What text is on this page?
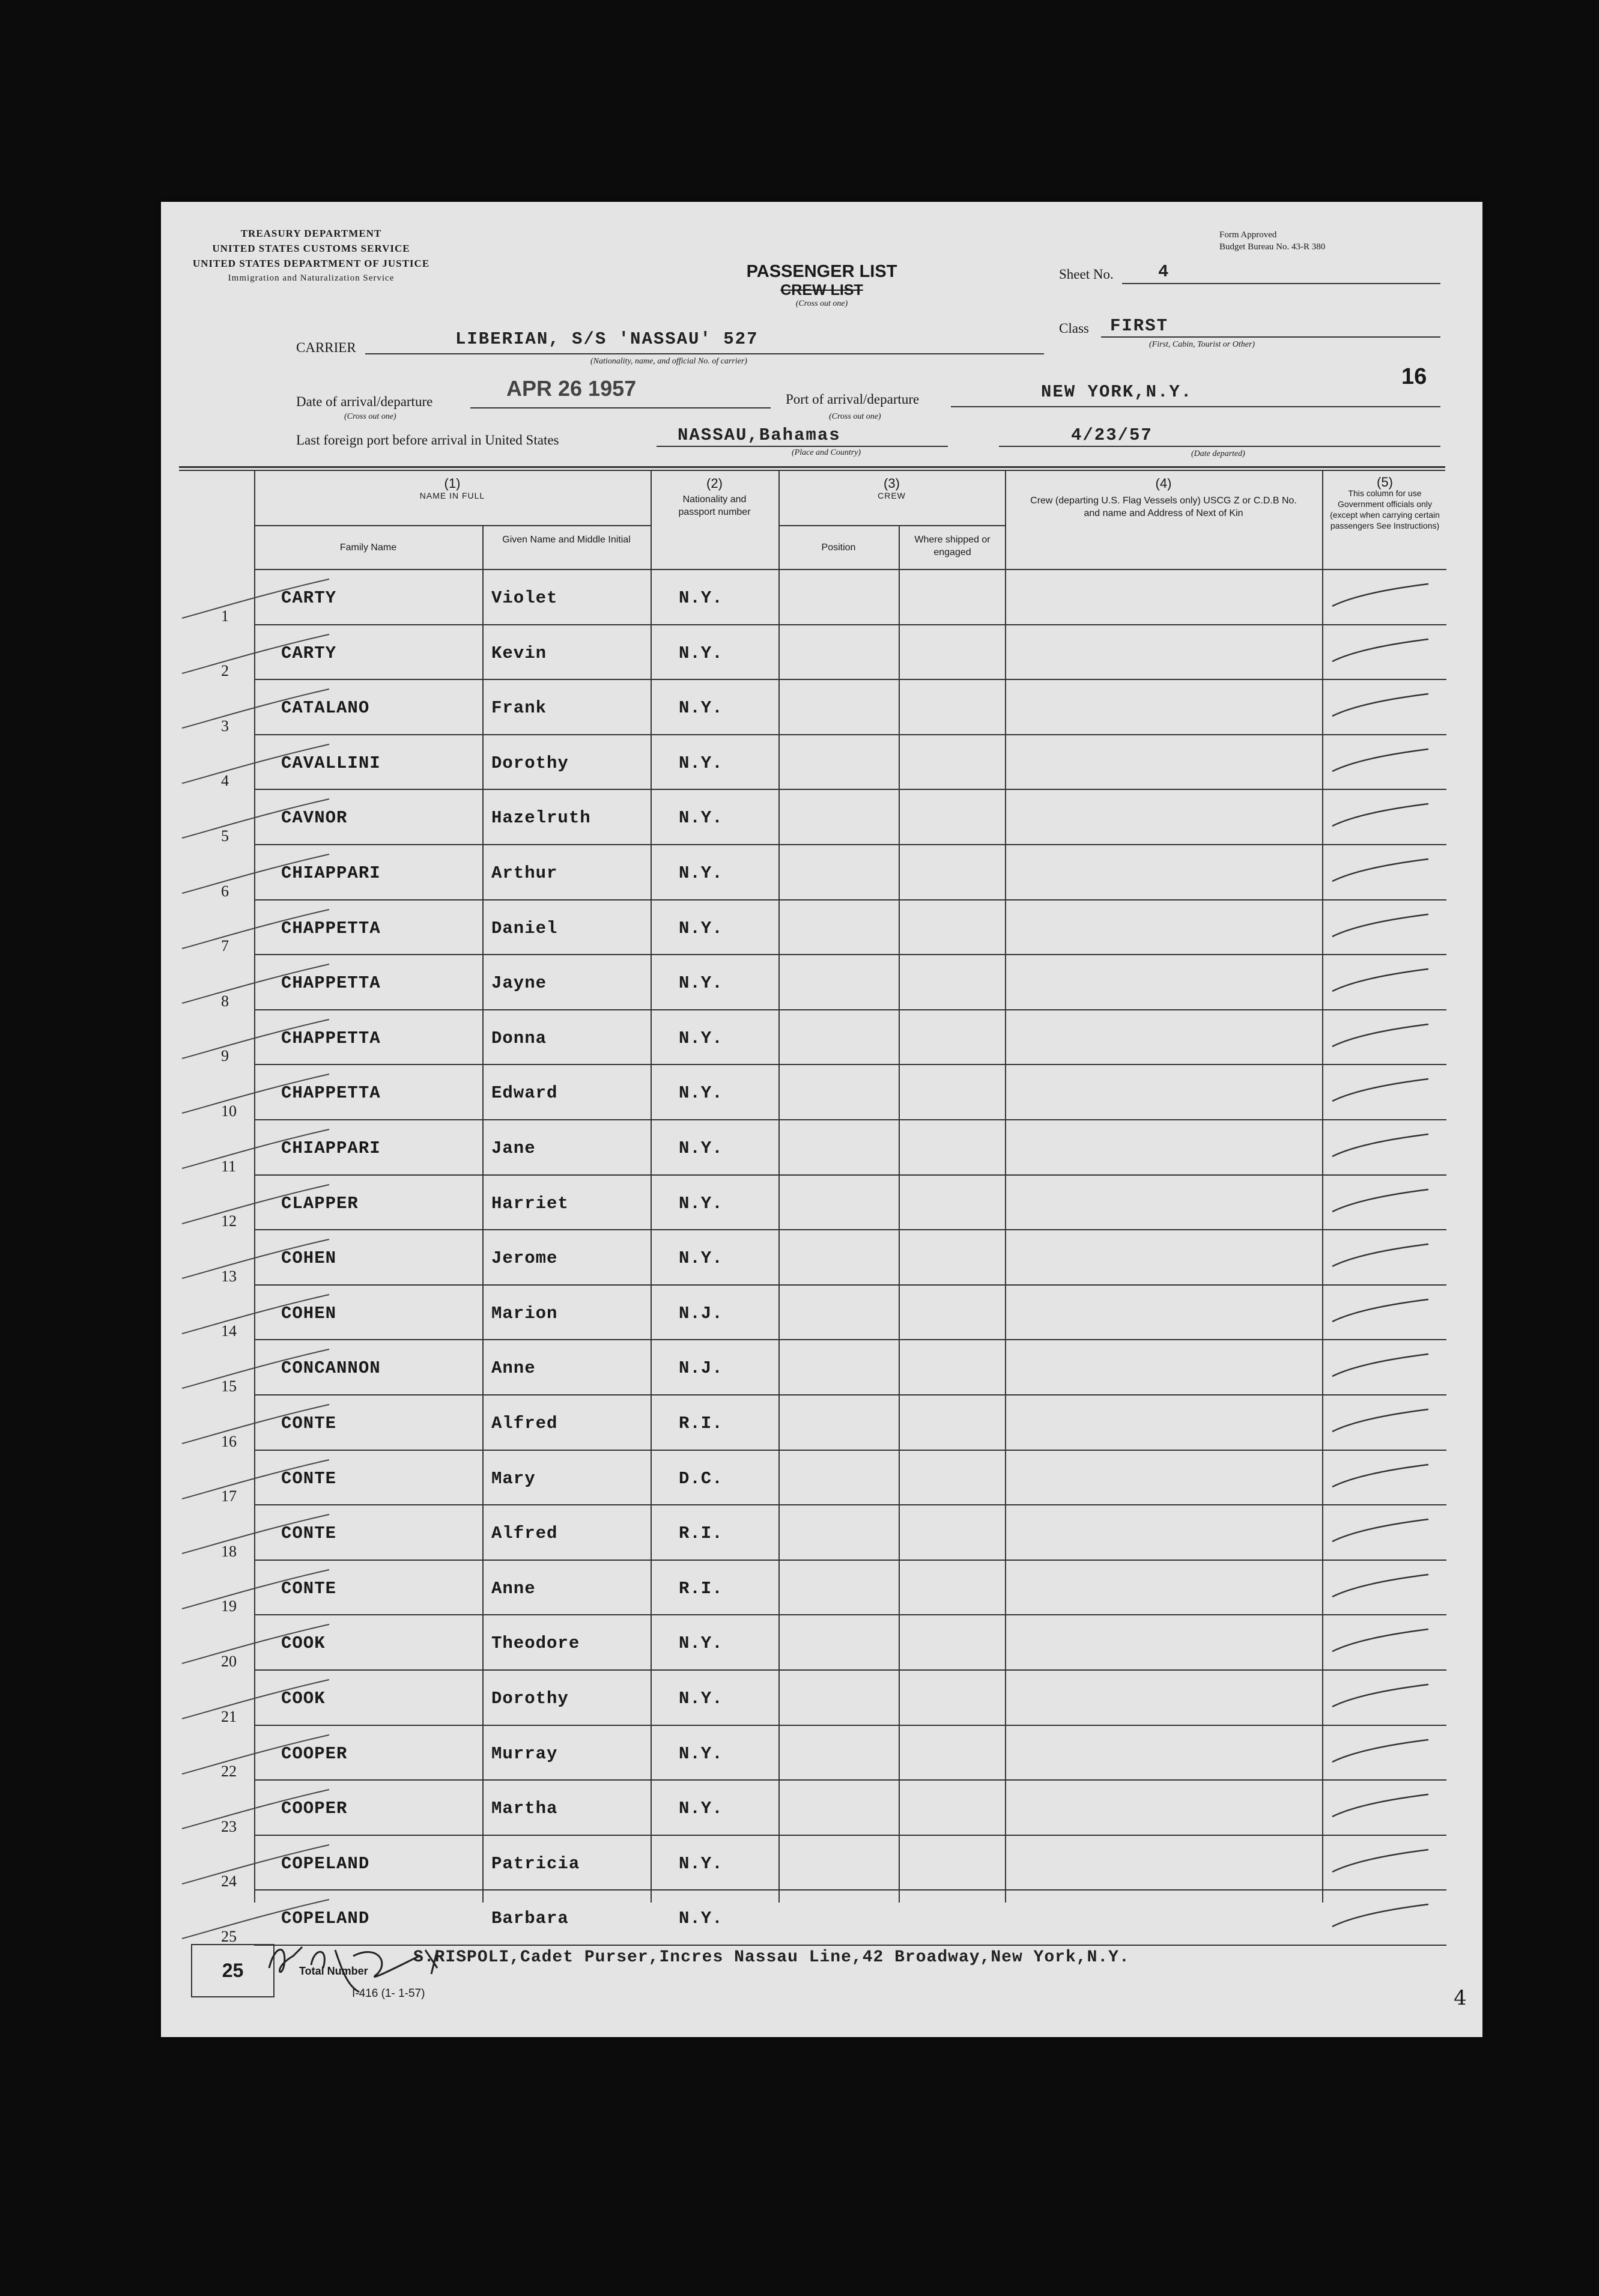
TREASURY DEPARTMENT
UNITED STATES CUSTOMS SERVICE
UNITED STATES DEPARTMENT OF JUSTICE
Immigration and Naturalization Service
Form Approved
Budget Bureau No. 43-R 380
PASSENGER LIST
CREW LIST
(Cross out one)
Sheet No.	4
Class FIRST
(First, Cabin, Tourist or Other)
CARRIER	LIBERIAN, S/S 'NASSAU' 527
(Nationality, name, and official No. of carrier)
Date of arrival/departure
(Cross out one)
APR 26 1957	Port of arrival/departure
(Cross out one)
NEW YORK,N.Y.
16
Last foreign port before arrival in United States	NASSAU,Bahamas
(Place and Country)
4/23/57
(Date departed)
(1)
NAME IN FULL
Family Name
Given Name and Middle Initial
(2)
Nationality and passport number
(3)
CREW
Position
Where shipped or engaged
(4)
Crew (departing U.S. Flag Vessels only) USCG Z or C.D.B No. and name and Address of Next of Kin
(5)
This column for use Government officials only (except when carrying certain passengers See Instructions)
1
CARTY	Violet	N.Y.
2
CARTY	Kevin	N.Y.
3
CATALANO	Frank	N.Y.
4
CAVALLINI	Dorothy	N.Y.
5
CAVNOR	Hazelruth	N.Y.
6
CHIAPPARI	Arthur	N.Y.
7
CHAPPETTA	Daniel	N.Y.
8
CHAPPETTA	Jayne	N.Y.
9
CHAPPETTA	Donna	N.Y.
10
CHAPPETTA	Edward	N.Y.
11
CHIAPPARI	Jane	N.Y.
12
CLAPPER	Harriet	N.Y.
13
COHEN	Jerome	N.Y.
14
COHEN	Marion	N.J.
15
CONCANNON	Anne	N.J.
16
CONTE	Alfred	R.I.
17
CONTE	Mary	D.C.
18
CONTE	Alfred	R.I.
19
CONTE	Anne	R.I.
20
COOK	Theodore	N.Y.
21
COOK	Dorothy	N.Y.
22
COOPER	Murray	N.Y.
23
COOPER	Martha	N.Y.
24
COPELAND	Patricia	N.Y.
25
COPELAND	Barbara	N.Y.
25	Total Number
S.RISPOLI,Cadet Purser,Incres Nassau Line,42 Broadway,New York,N.Y.
I-416 (1- 1-57)	4
